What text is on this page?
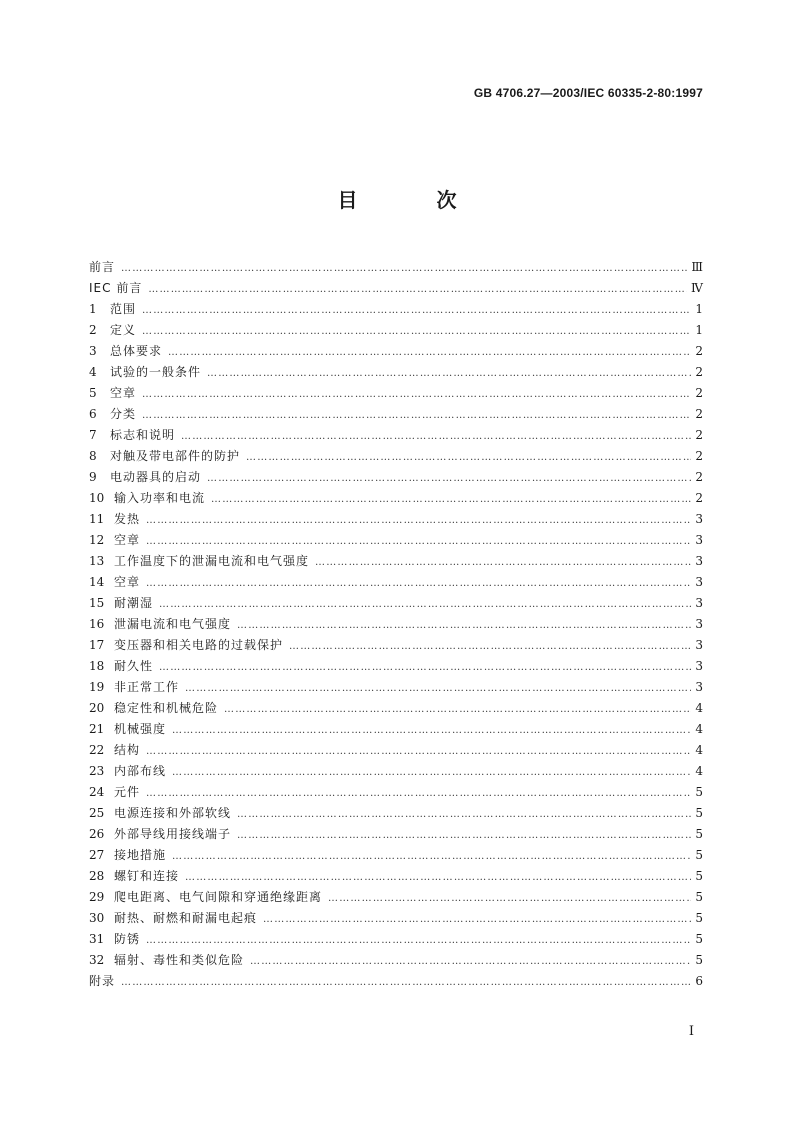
GB 4706.27—2003/IEC 60335-2-80:1997
目 次
前言 ……………………………………………………………………………………………………………………………………………………………	Ⅲ
IEC 前言 ……………………………………………………………………………………………………………………………………………………………	Ⅳ
1	范围 ……………………………………………………………………………………………………………………………………………………………	1
2	定义 ……………………………………………………………………………………………………………………………………………………………	1
3	总体要求 ……………………………………………………………………………………………………………………………………………………………	2
4	试验的一般条件 ……………………………………………………………………………………………………………………………………………………………	2
5	空章 ……………………………………………………………………………………………………………………………………………………………	2
6	分类 ……………………………………………………………………………………………………………………………………………………………	2
7	标志和说明 ……………………………………………………………………………………………………………………………………………………………	2
8	对触及带电部件的防护 ……………………………………………………………………………………………………………………………………………………………	2
9	电动器具的启动 ……………………………………………………………………………………………………………………………………………………………	2
10 输入功率和电流 ……………………………………………………………………………………………………………………………………………………………	2
11 发热 ……………………………………………………………………………………………………………………………………………………………	3
12 空章 ……………………………………………………………………………………………………………………………………………………………	3
13 工作温度下的泄漏电流和电气强度 ……………………………………………………………………………………………………………………………………………………………	3
14 空章 ……………………………………………………………………………………………………………………………………………………………	3
15 耐潮湿 ……………………………………………………………………………………………………………………………………………………………	3
16 泄漏电流和电气强度 ……………………………………………………………………………………………………………………………………………………………	3
17 变压器和相关电路的过载保护 ……………………………………………………………………………………………………………………………………………………………	3
18 耐久性 ……………………………………………………………………………………………………………………………………………………………	3
19 非正常工作 ……………………………………………………………………………………………………………………………………………………………	3
20 稳定性和机械危险 ……………………………………………………………………………………………………………………………………………………………	4
21 机械强度 ……………………………………………………………………………………………………………………………………………………………	4
22 结构 ……………………………………………………………………………………………………………………………………………………………	4
23 内部布线 ……………………………………………………………………………………………………………………………………………………………	4
24 元件 ……………………………………………………………………………………………………………………………………………………………	5
25 电源连接和外部软线 ……………………………………………………………………………………………………………………………………………………………	5
26 外部导线用接线端子 ……………………………………………………………………………………………………………………………………………………………	5
27 接地措施 ……………………………………………………………………………………………………………………………………………………………	5
28 螺钉和连接 ……………………………………………………………………………………………………………………………………………………………	5
29 爬电距离、电气间隙和穿通绝缘距离 ……………………………………………………………………………………………………………………………………………………………	5
30 耐热、耐燃和耐漏电起痕 ……………………………………………………………………………………………………………………………………………………………	5
31 防锈 ……………………………………………………………………………………………………………………………………………………………	5
32 辐射、毒性和类似危险 ……………………………………………………………………………………………………………………………………………………………	5
附录 ……………………………………………………………………………………………………………………………………………………………	6
I
